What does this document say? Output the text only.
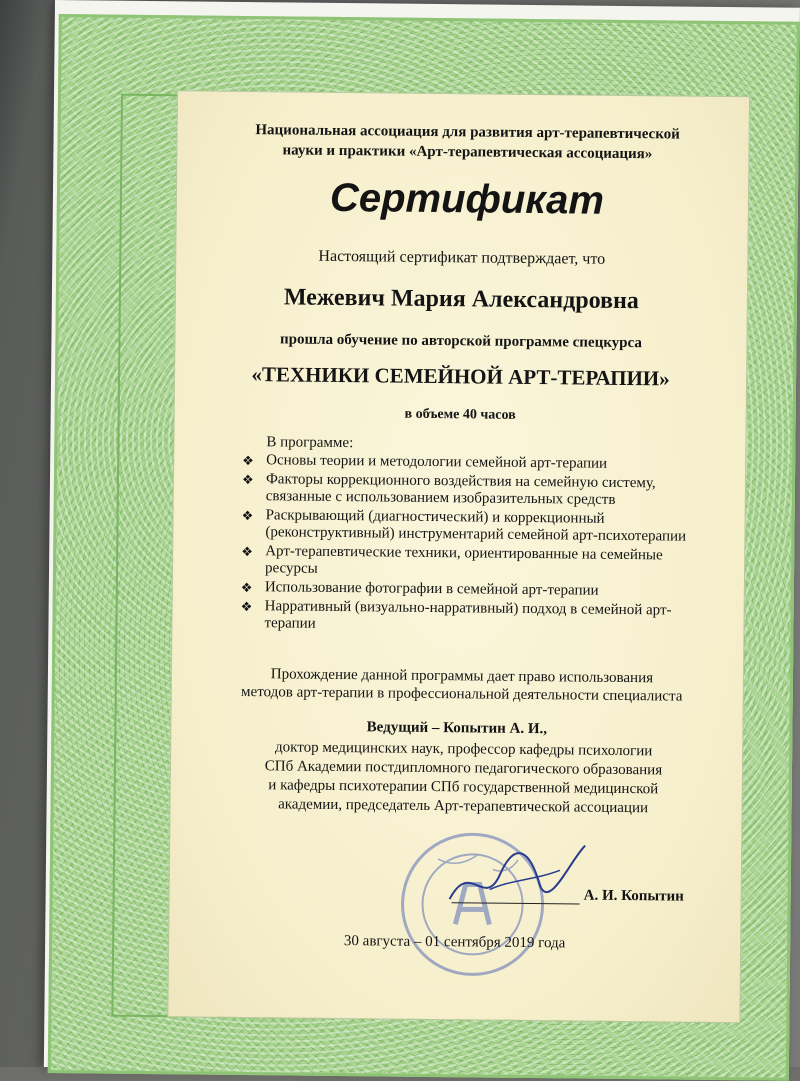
Национальная ассоциация для развития арт-терапевтической
науки и практики «Арт-терапевтическая ассоциация»
Сертификат
Настоящий сертификат подтверждает, что
Межевич Мария Александровна
прошла обучение по авторской программе спецкурса
«ТЕХНИКИ СЕМЕЙНОЙ АРТ-ТЕРАПИИ»
в объеме 40 часов
В программе:
❖ Основы теории и методологии семейной арт-терапии
❖ Факторы коррекционного воздействия на семейную систему, связанные с использованием изобразительных средств
❖ Раскрывающий (диагностический) и коррекционный (реконструктивный) инструментарий семейной арт-психотерапии
❖ Арт-терапевтические техники, ориентированные на семейные ресурсы
❖ Использование фотографии в семейной арт-терапии
❖ Нарративный (визуально-нарративный) подход в семейной арт-терапии
Прохождение данной программы дает право использования
методов арт-терапии в профессиональной деятельности специалиста
Ведущий – Копытин А. И.,
доктор медицинских наук, профессор кафедры психологии
СПб Академии постдипломного педагогического образования
и кафедры психотерапии СПб государственной медицинской
академии, председатель Арт-терапевтической ассоциации
А. И. Копытин
30 августа – 01 сентября 2019 года
